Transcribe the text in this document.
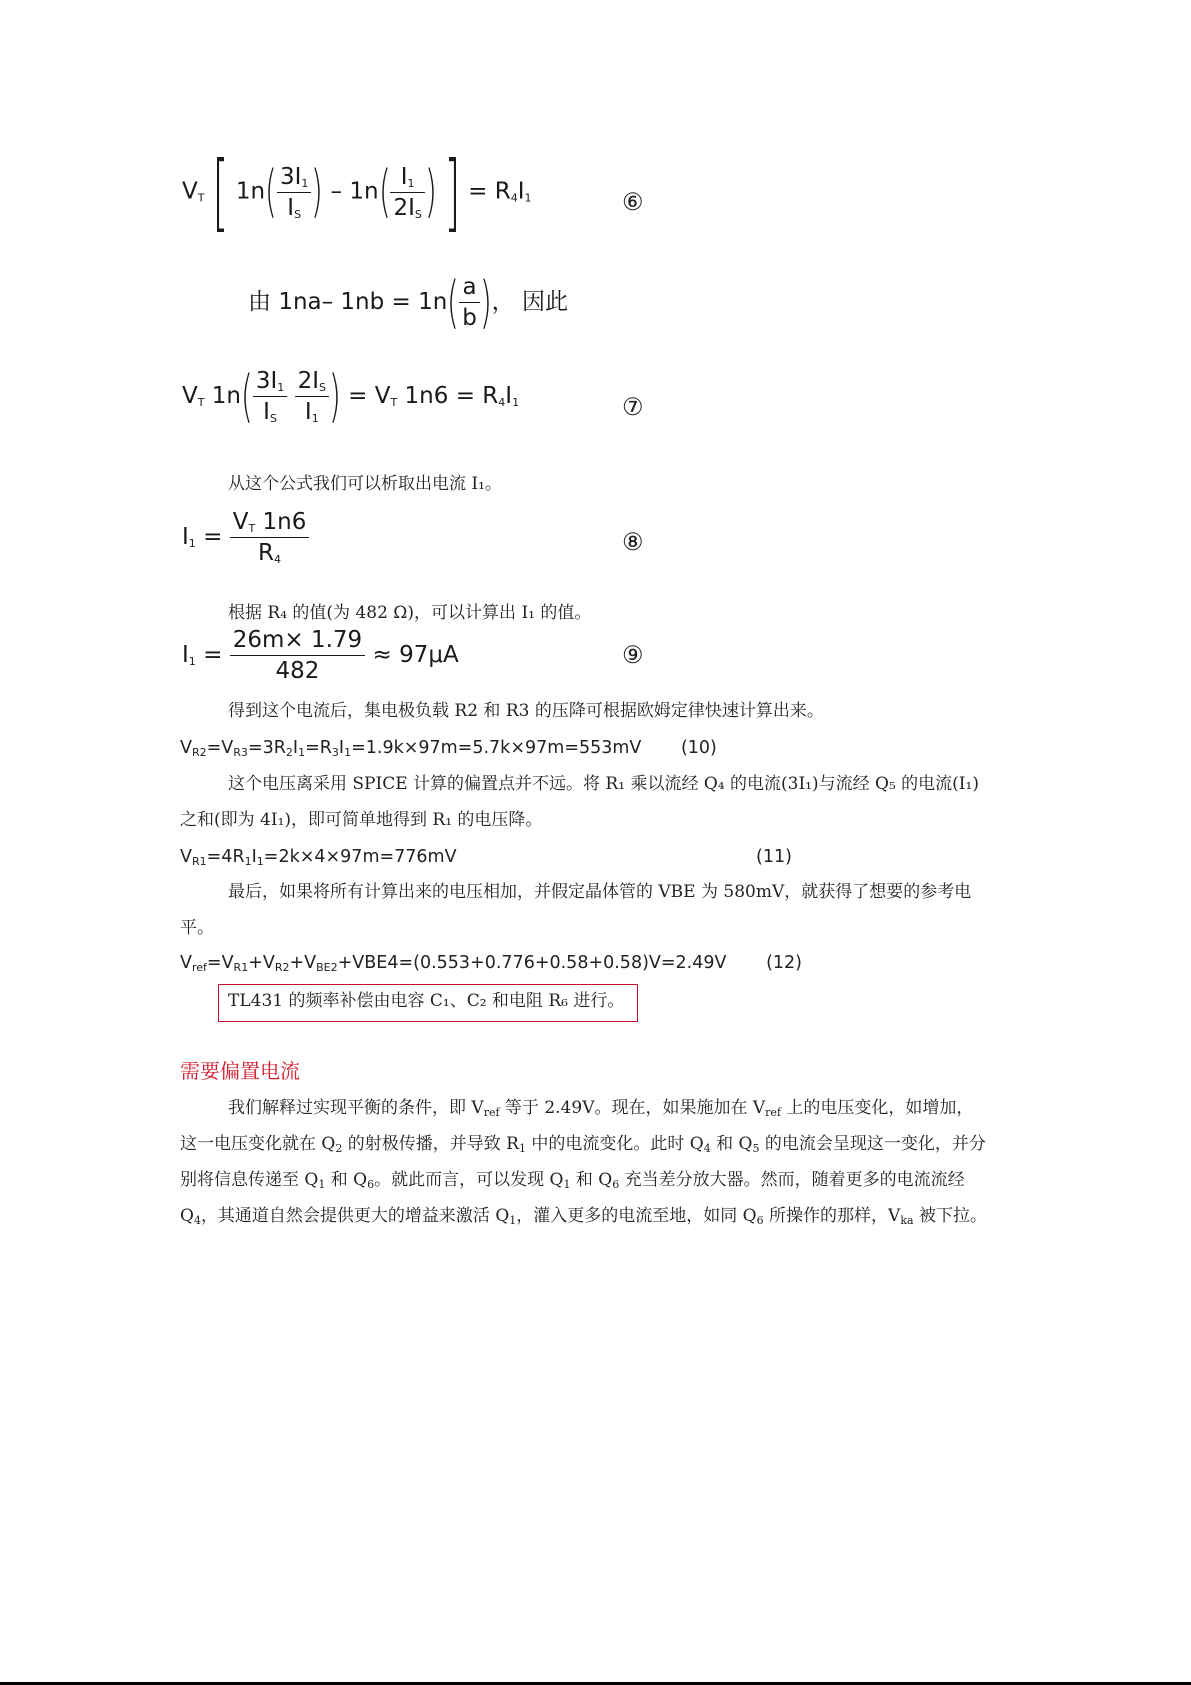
$V_T$ [ $1n( \frac{3I_1}{I_S}$ ) – $1n( \frac{I_1}{2I_S}$ ) ] = $R_4I_1$	⑥
由 1na– $1nb = 1n( \frac{a}{b}$ )， 因此
$V_T$ $1n( \frac{3I_1}{I_S}$
$\frac{2I_S}{I_1}$ ) = $V_T$ $1n6 = R_4I_1$	⑦
从这个公式我们可以析取出电流 I₁。
$I_1 = \frac{V_T 1n6}{R_4}$	⑧
根据 R₄ 的值(为 482 Ω)，可以计算出 I₁ 的值。
$I_1 = \frac{26m\times 1.79}{482} \approx 97\mu A$	⑨
得到这个电流后，集电极负载 R2 和 R3 的压降可根据欧姆定律快速计算出来。
$V_{R2}=V_{R3}=3R_2I_1=R_3I_1=1.9k\times 97m=5.7k\times 97m=553mV$ (10)
这个电压离采用 SPICE 计算的偏置点并不远。将 R₁ 乘以流经 Q₄ 的电流(3I₁)与流经 Q₅ 的电流(I₁)
之和(即为 4I₁)，即可简单地得到 R₁ 的电压降。
$V_{R1}=4R_1I_1=2k\times 4\times 97m=776mV$	(11)
最后，如果将所有计算出来的电压相加，并假定晶体管的 VBE 为 580mV，就获得了想要的参考电
平。
$V_{ref}=V_{R1}+V_{R2}+V_{BE2}+VBE4=(0.553+0.776+0.58+0.58)V=2.49V$ (12)
TL431 的频率补偿由电容 C₁、C₂ 和电阻 R₆ 进行。
需要偏置电流
我们解释过实现平衡的条件，即 $V_{ref}$ 等于 2.49V。现在，如果施加在 $V_{ref}$ 上的电压变化，如增加，
这一电压变化就在 $Q_2$ 的射极传播，并导致 $R_1$ 中的电流变化。此时 $Q_4$ 和 $Q_5$ 的电流会呈现这一变化，并分
别将信息传递至 $Q_1$ 和 $Q_6$。就此而言，可以发现 $Q_1$ 和 $Q_6$ 充当差分放大器。然而，随着更多的电流流经
$Q_4$，其通道自然会提供更大的增益来激活 $Q_1$，灌入更多的电流至地，如同 $Q_6$ 所操作的那样，$V_{ka}$ 被下拉。
